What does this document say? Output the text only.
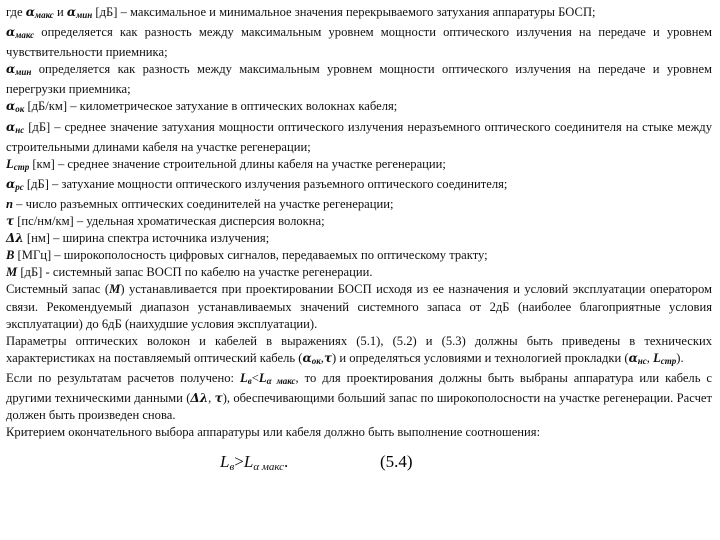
где $\alpha_{макс}$ и $\alpha_{мин}$ [дБ] – максимальное и минимальное значения перекрываемого затухания аппаратуры БОСП;

$\alpha_{макс}$ определяется как разность между максимальным уровнем мощности оптического излучения на передаче и уровнем чувствительности приемника;

$\alpha_{мин}$ определяется как разность между максимальным уровнем мощности оптического излучения на передаче и уровнем перегрузки приемника;

$\alpha_{ок}$ [дБ/км] – километрическое затухание в оптических волокнах кабеля;

$\alpha_{нс}$ [дБ] – среднее значение затухания мощности оптического излучения неразъемного оптического соединителя на стыке между строительными длинами кабеля на участке регенерации;

$L_{стр}$ [км] – среднее значение строительной длины кабеля на участке регенерации;

$\alpha_{рс}$ [дБ] – затухание мощности оптического излучения разъемного оптического соединителя;

n – число разъемных оптических соединителей на участке регенерации;

τ [пс/нм/км] – удельная хроматическая дисперсия волокна;

Δλ [нм] – ширина спектра источника излучения;

B [МГц] – широкополосность цифровых сигналов, передаваемых по оптическому тракту;

M [дБ] - системный запас ВОСП по кабелю на участке регенерации.

Системный запас (М) устанавливается при проектировании БОСП исходя из ее назначения и условий эксплуатации оператором связи. Рекомендуемый диапазон устанавливаемых значений системного запаса от 2дБ (наиболее благоприятные условия эксплуатации) до 6дБ (наихудшие условия эксплуатации).

Параметры оптических волокон и кабелей в выражениях (5.1), (5.2) и (5.3) должны быть приведены в технических характеристиках на поставляемый оптический кабель $(\alpha_{ок},\tau)$ и определяться условиями и технологией прокладки ($\alpha_{нс}$, $L_{стр}$).

Если по результатам расчетов получено: $L_в<L_{\alpha макс}$, то для проектирования должны быть выбраны аппаратура или кабель с другими техническими данными (Δλ, τ), обеспечивающими больший запас по широкополосности на участке регенерации. Расчет должен быть произведен снова.

Критерием окончательного выбора аппаратуры или кабеля должно быть выполнение соотношения:

Lв>Lα макс.	(5.4)
